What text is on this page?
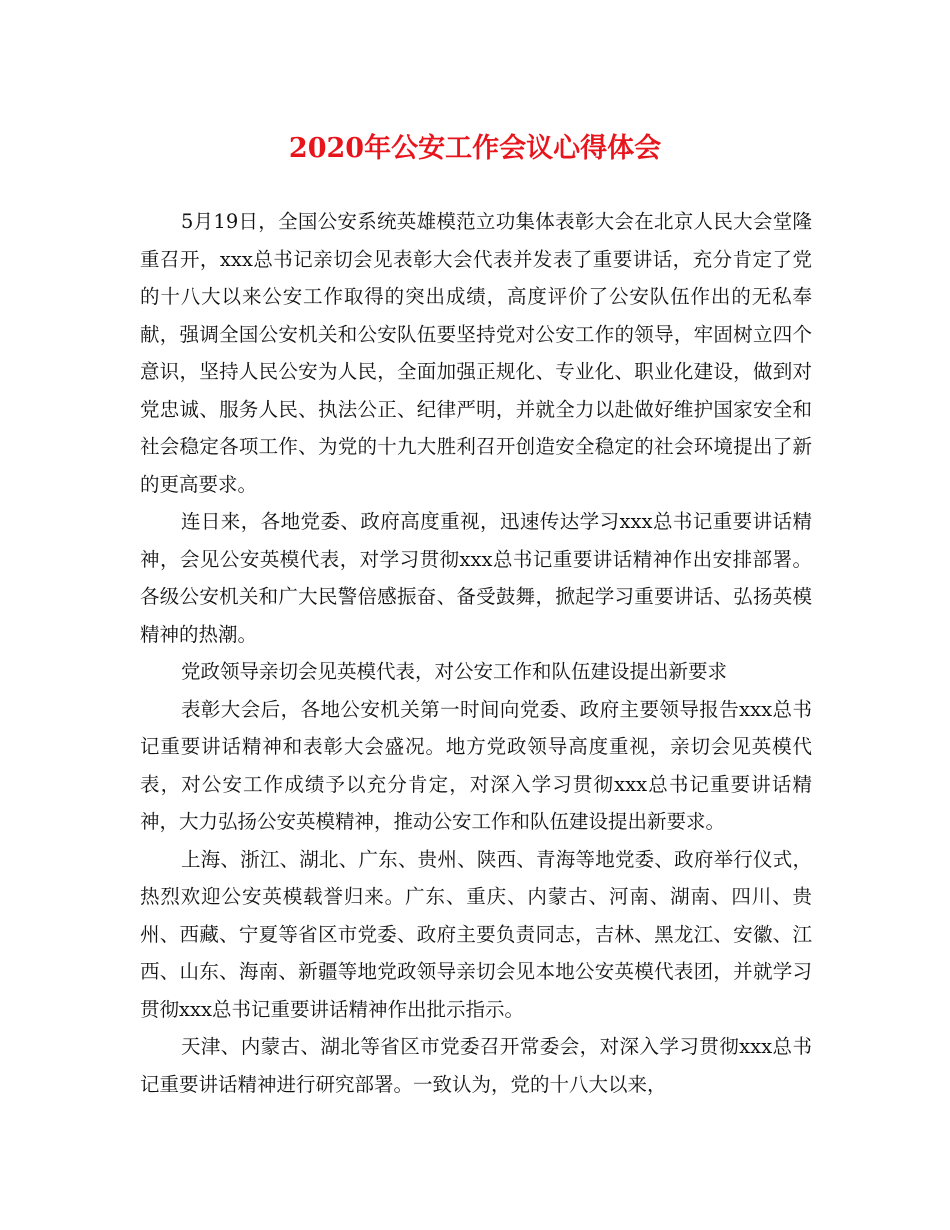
2020年公安工作会议心得体会

5月19日，全国公安系统英雄模范立功集体表彰大会在北京人民大会堂隆重召开，xxx总书记亲切会见表彰大会代表并发表了重要讲话，充分肯定了党的十八大以来公安工作取得的突出成绩，高度评价了公安队伍作出的无私奉献，强调全国公安机关和公安队伍要坚持党对公安工作的领导，牢固树立四个意识，坚持人民公安为人民，全面加强正规化、专业化、职业化建设，做到对党忠诚、服务人民、执法公正、纪律严明，并就全力以赴做好维护国家安全和社会稳定各项工作、为党的十九大胜利召开创造安全稳定的社会环境提出了新的更高要求。

连日来，各地党委、政府高度重视，迅速传达学习xxx总书记重要讲话精神，会见公安英模代表，对学习贯彻xxx总书记重要讲话精神作出安排部署。各级公安机关和广大民警倍感振奋、备受鼓舞，掀起学习重要讲话、弘扬英模精神的热潮。

党政领导亲切会见英模代表，对公安工作和队伍建设提出新要求

表彰大会后，各地公安机关第一时间向党委、政府主要领导报告xxx总书记重要讲话精神和表彰大会盛况。地方党政领导高度重视，亲切会见英模代表，对公安工作成绩予以充分肯定，对深入学习贯彻xxx总书记重要讲话精神，大力弘扬公安英模精神，推动公安工作和队伍建设提出新要求。

上海、浙江、湖北、广东、贵州、陕西、青海等地党委、政府举行仪式，热烈欢迎公安英模载誉归来。广东、重庆、内蒙古、河南、湖南、四川、贵州、西藏、宁夏等省区市党委、政府主要负责同志，吉林、黑龙江、安徽、江西、山东、海南、新疆等地党政领导亲切会见本地公安英模代表团，并就学习贯彻xxx总书记重要讲话精神作出批示指示。

天津、内蒙古、湖北等省区市党委召开常委会，对深入学习贯彻xxx总书记重要讲话精神进行研究部署。一致认为，党的十八大以来，
